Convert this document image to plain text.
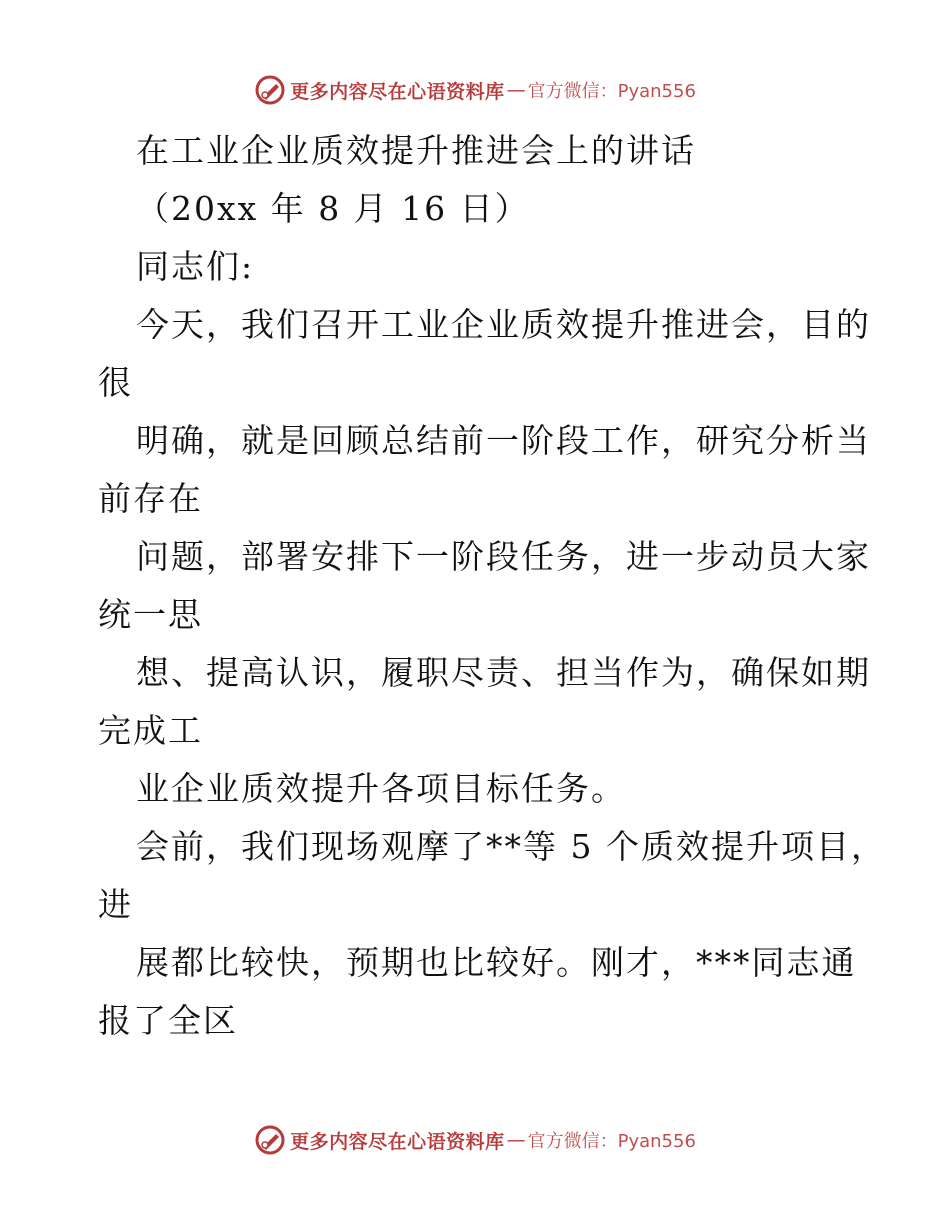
更多内容尽在心语资料库 — 官方微信：Pyan556
在工业企业质效提升推进会上的讲话
（20xx 年 8 月 16 日）
同志们:
今天，我们召开工业企业质效提升推进会，目的
很
明确，就是回顾总结前一阶段工作，研究分析当
前存在
问题，部署安排下一阶段任务，进一步动员大家
统一思
想、提高认识，履职尽责、担当作为，确保如期
完成工
业企业质效提升各项目标任务。
会前，我们现场观摩了**等 5 个质效提升项目，
进
展都比较快，预期也比较好。刚才，***同志通
报了全区
更多内容尽在心语资料库 — 官方微信：Pyan556
